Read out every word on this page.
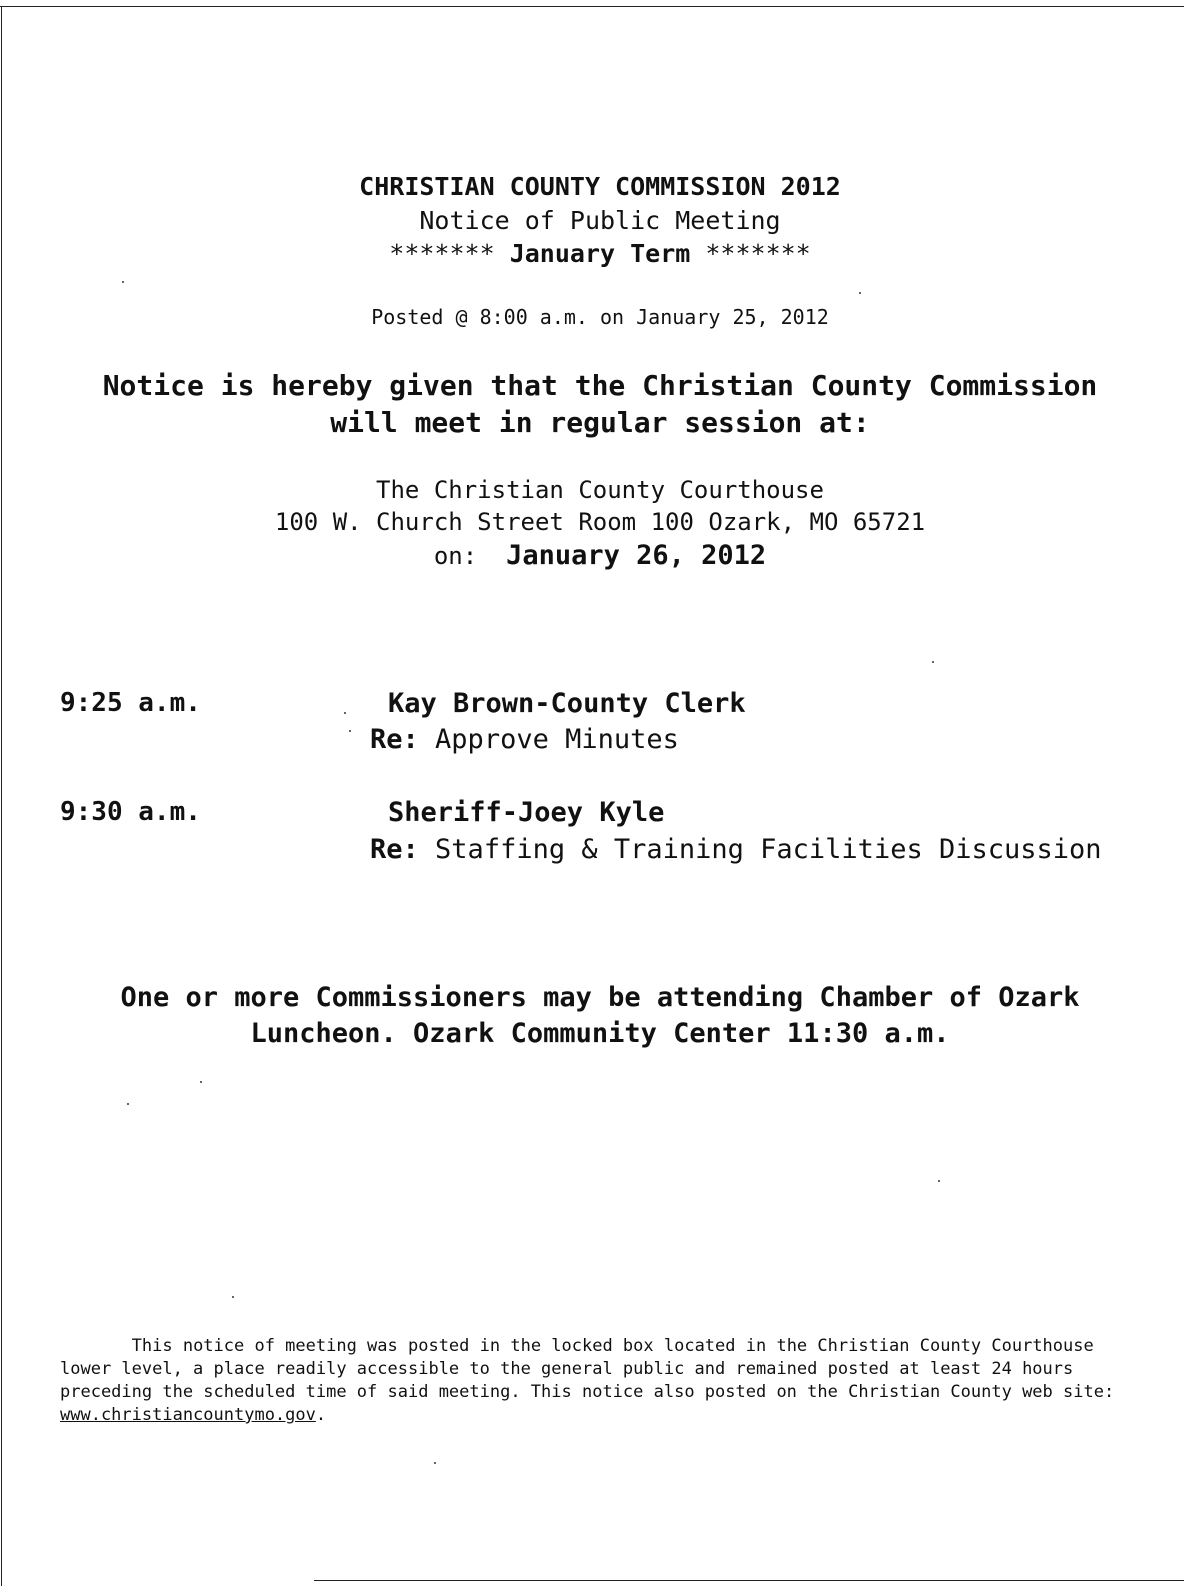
CHRISTIAN COUNTY COMMISSION 2012
Notice of Public Meeting
******* January Term *******
Posted @ 8:00 a.m. on January 25, 2012
Notice is hereby given that the Christian County Commission
will meet in regular session at:
The Christian County Courthouse
100 W. Church Street Room 100 Ozark, MO 65721
on: January 26, 2012
9:25 a.m.	Kay Brown-County Clerk
Re: Approve Minutes
9:30 a.m.	Sheriff-Joey Kyle
Re: Staffing & Training Facilities Discussion
One or more Commissioners may be attending Chamber of Ozark
Luncheon. Ozark Community Center 11:30 a.m.
This notice of meeting was posted in the locked box located in the Christian County Courthouse lower level, a place readily accessible to the general public and remained posted at least 24 hours preceding the scheduled time of said meeting. This notice also posted on the Christian County web site: www.christiancountymo.gov.
